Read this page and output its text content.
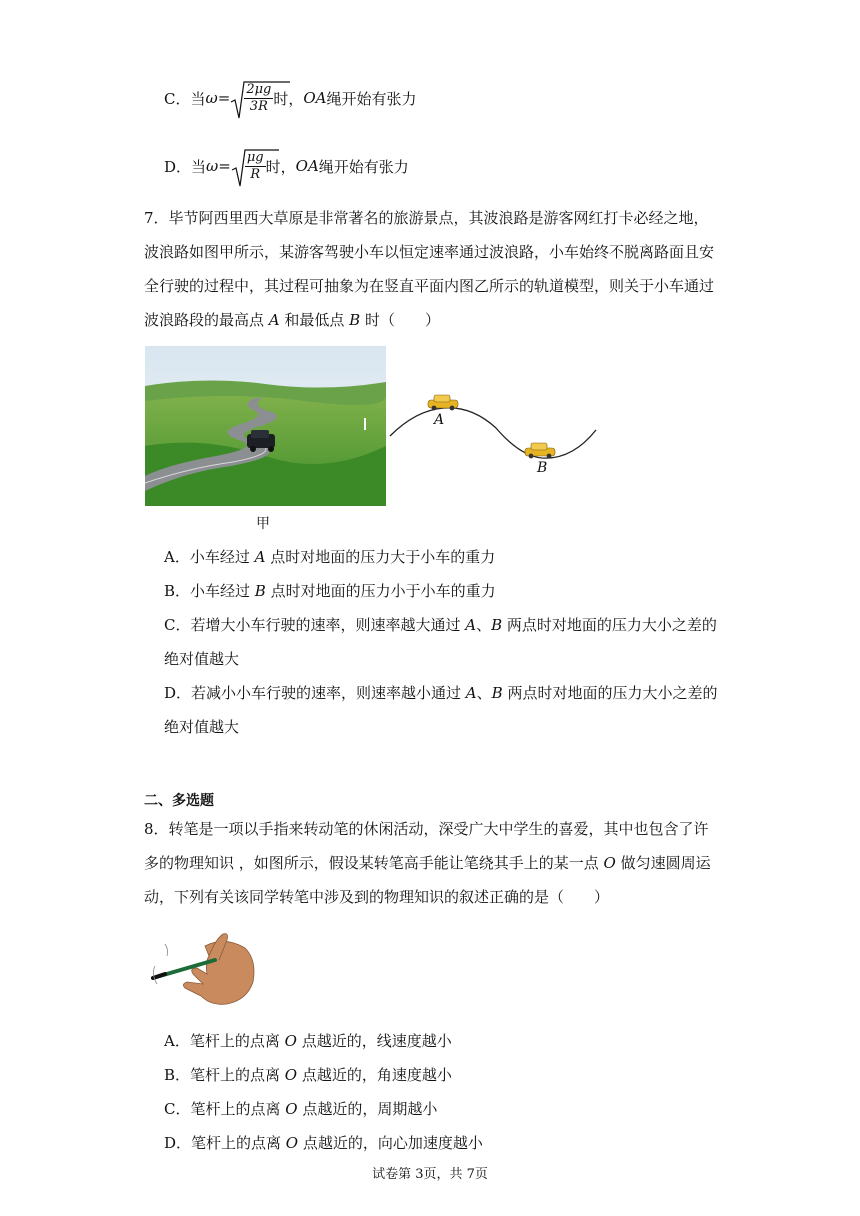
C． 当 $\omega = \frac{2\mu g}{3R}$ 时， OA 绳开始有张力
D． 当 $\omega = \frac{\mu g}{R}$ 时， OA 绳开始有张力
7．毕节阿西里西大草原是非常著名的旅游景点，其波浪路是游客网红打卡必经之地，
波浪路如图甲所示，某游客驾驶小车以恒定速率通过波浪路，小车始终不脱离路面且安
全行驶的过程中，其过程可抽象为在竖直平面内图乙所示的轨道模型，则关于小车通过
波浪路段的最高点 A 和最低点 B 时（　　）
甲
A
B
A．小车经过 A 点时对地面的压力大于小车的重力
B．小车经过 B 点时对地面的压力小于小车的重力
C．若增大小车行驶的速率，则速率越大通过 A、B 两点时对地面的压力大小之差的
绝对值越大
D．若减小小车行驶的速率，则速率越小通过 A、B 两点时对地面的压力大小之差的
绝对值越大
二、多选题
8．转笔是一项以手指来转动笔的休闲活动，深受广大中学生的喜爱，其中也包含了许
多的物理知识 ，如图所示，假设某转笔高手能让笔绕其手上的某一点 O 做匀速圆周运
动，下列有关该同学转笔中涉及到的物理知识的叙述正确的是（　　）
A．笔杆上的点离 O 点越近的，线速度越小
B．笔杆上的点离 O 点越近的，角速度越小
C．笔杆上的点离 O 点越近的，周期越小
D．笔杆上的点离 O 点越近的，向心加速度越小
试卷第 3页，共 7页
